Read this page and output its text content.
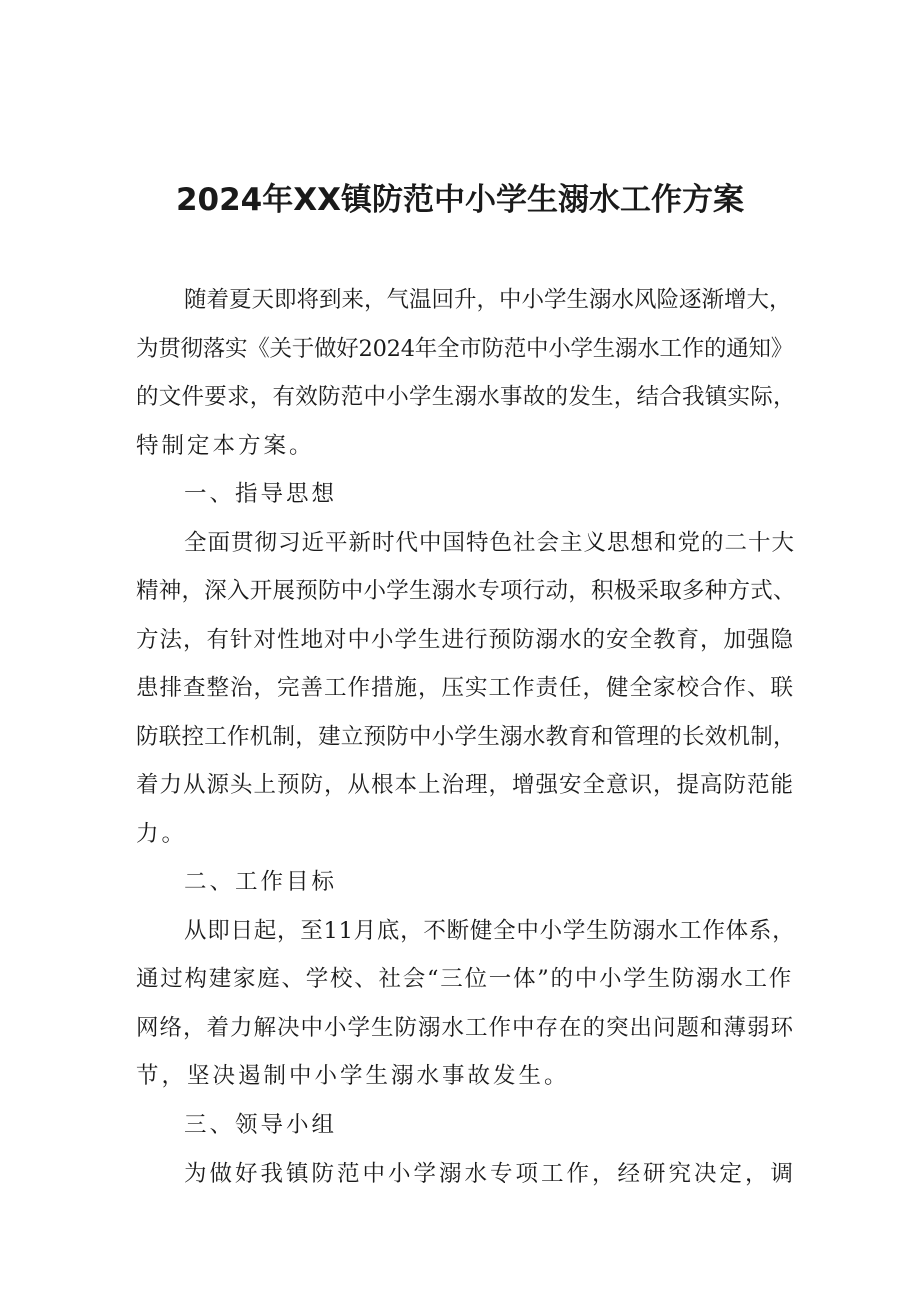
2024年XX镇防范中小学生溺水工作方案
随着夏天即将到来，气温回升，中小学生溺水风险逐渐增大，
为贯彻落实《关于做好2024年全市防范中小学生溺水工作的通知》
的文件要求，有效防范中小学生溺水事故的发生，结合我镇实际，
特制定本方案。
一、指导思想
全面贯彻习近平新时代中国特色社会主义思想和党的二十大
精神，深入开展预防中小学生溺水专项行动，积极采取多种方式、
方法，有针对性地对中小学生进行预防溺水的安全教育，加强隐
患排查整治，完善工作措施，压实工作责任，健全家校合作、联
防联控工作机制，建立预防中小学生溺水教育和管理的长效机制，
着力从源头上预防，从根本上治理，增强安全意识，提高防范能
力。
二、工作目标
从即日起，至11月底，不断健全中小学生防溺水工作体系，
通过构建家庭、学校、社会“三位一体”的中小学生防溺水工作
网络，着力解决中小学生防溺水工作中存在的突出问题和薄弱环
节，坚决遏制中小学生溺水事故发生。
三、领导小组
为做好我镇防范中小学溺水专项工作，经研究决定，调
